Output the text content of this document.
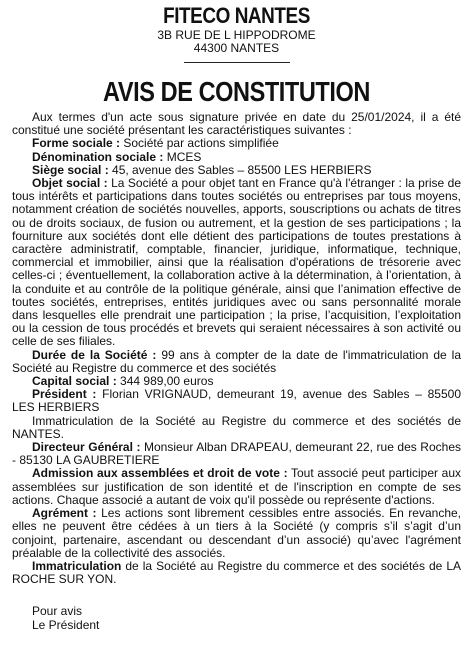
FITECO NANTES
3B RUE DE L HIPPODROME
44300 NANTES
AVIS DE CONSTITUTION

Aux termes d'un acte sous signature privée en date du 25/01/2024, il a été constitué une société présentant les caractéristiques suivantes :

Forme sociale : Société par actions simplifiée

Dénomination sociale : MCES

Siège social : 45, avenue des Sables – 85500 LES HERBIERS

Objet social : La Société a pour objet tant en France qu'à l'étranger : la prise de tous intérêts et participations dans toutes sociétés ou entreprises par tous moyens, notamment création de sociétés nouvelles, apports, souscriptions ou achats de titres ou de droits sociaux, de fusion ou autrement, et la gestion de ses participations ; la fourniture aux sociétés dont elle détient des participations de toutes prestations à caractère administratif, comptable, financier, juridique, informatique, technique, commercial et immobilier, ainsi que la réalisation d'opérations de trésorerie avec celles-ci ; éventuellement, la collaboration active à la détermination, à l’orientation, à la conduite et au contrôle de la politique générale, ainsi que l’animation effective de toutes sociétés, entreprises, entités juridiques avec ou sans personnalité morale dans lesquelles elle prendrait une participation ; la prise, l’acquisition, l’exploitation ou la cession de tous procédés et brevets qui seraient nécessaires à son activité ou celle de ses filiales.

Durée de la Société : 99 ans à compter de la date de l'immatriculation de la Société au Registre du commerce et des sociétés

Capital social : 344 989,00 euros

Président : Florian VRIGNAUD, demeurant 19, avenue des Sables – 85500 LES HERBIERS

Immatriculation de la Société au Registre du commerce et des sociétés de NANTES.

Directeur Général : Monsieur Alban DRAPEAU, demeurant 22, rue des Roches - 85130 LA GAUBRETIERE

Admission aux assemblées et droit de vote : Tout associé peut participer aux assemblées sur justification de son identité et de l'inscription en compte de ses actions. Chaque associé a autant de voix qu'il possède ou représente d'actions.

Agrément : Les actions sont librement cessibles entre associés. En revanche, elles ne peuvent être cédées à un tiers à la Société (y compris s’il s’agit d’un conjoint, partenaire, ascendant ou descendant d’un associé) qu’avec l'agrément préalable de la collectivité des associés.

Immatriculation de la Société au Registre du commerce et des sociétés de LA ROCHE SUR YON.

Pour avis
Le Président
